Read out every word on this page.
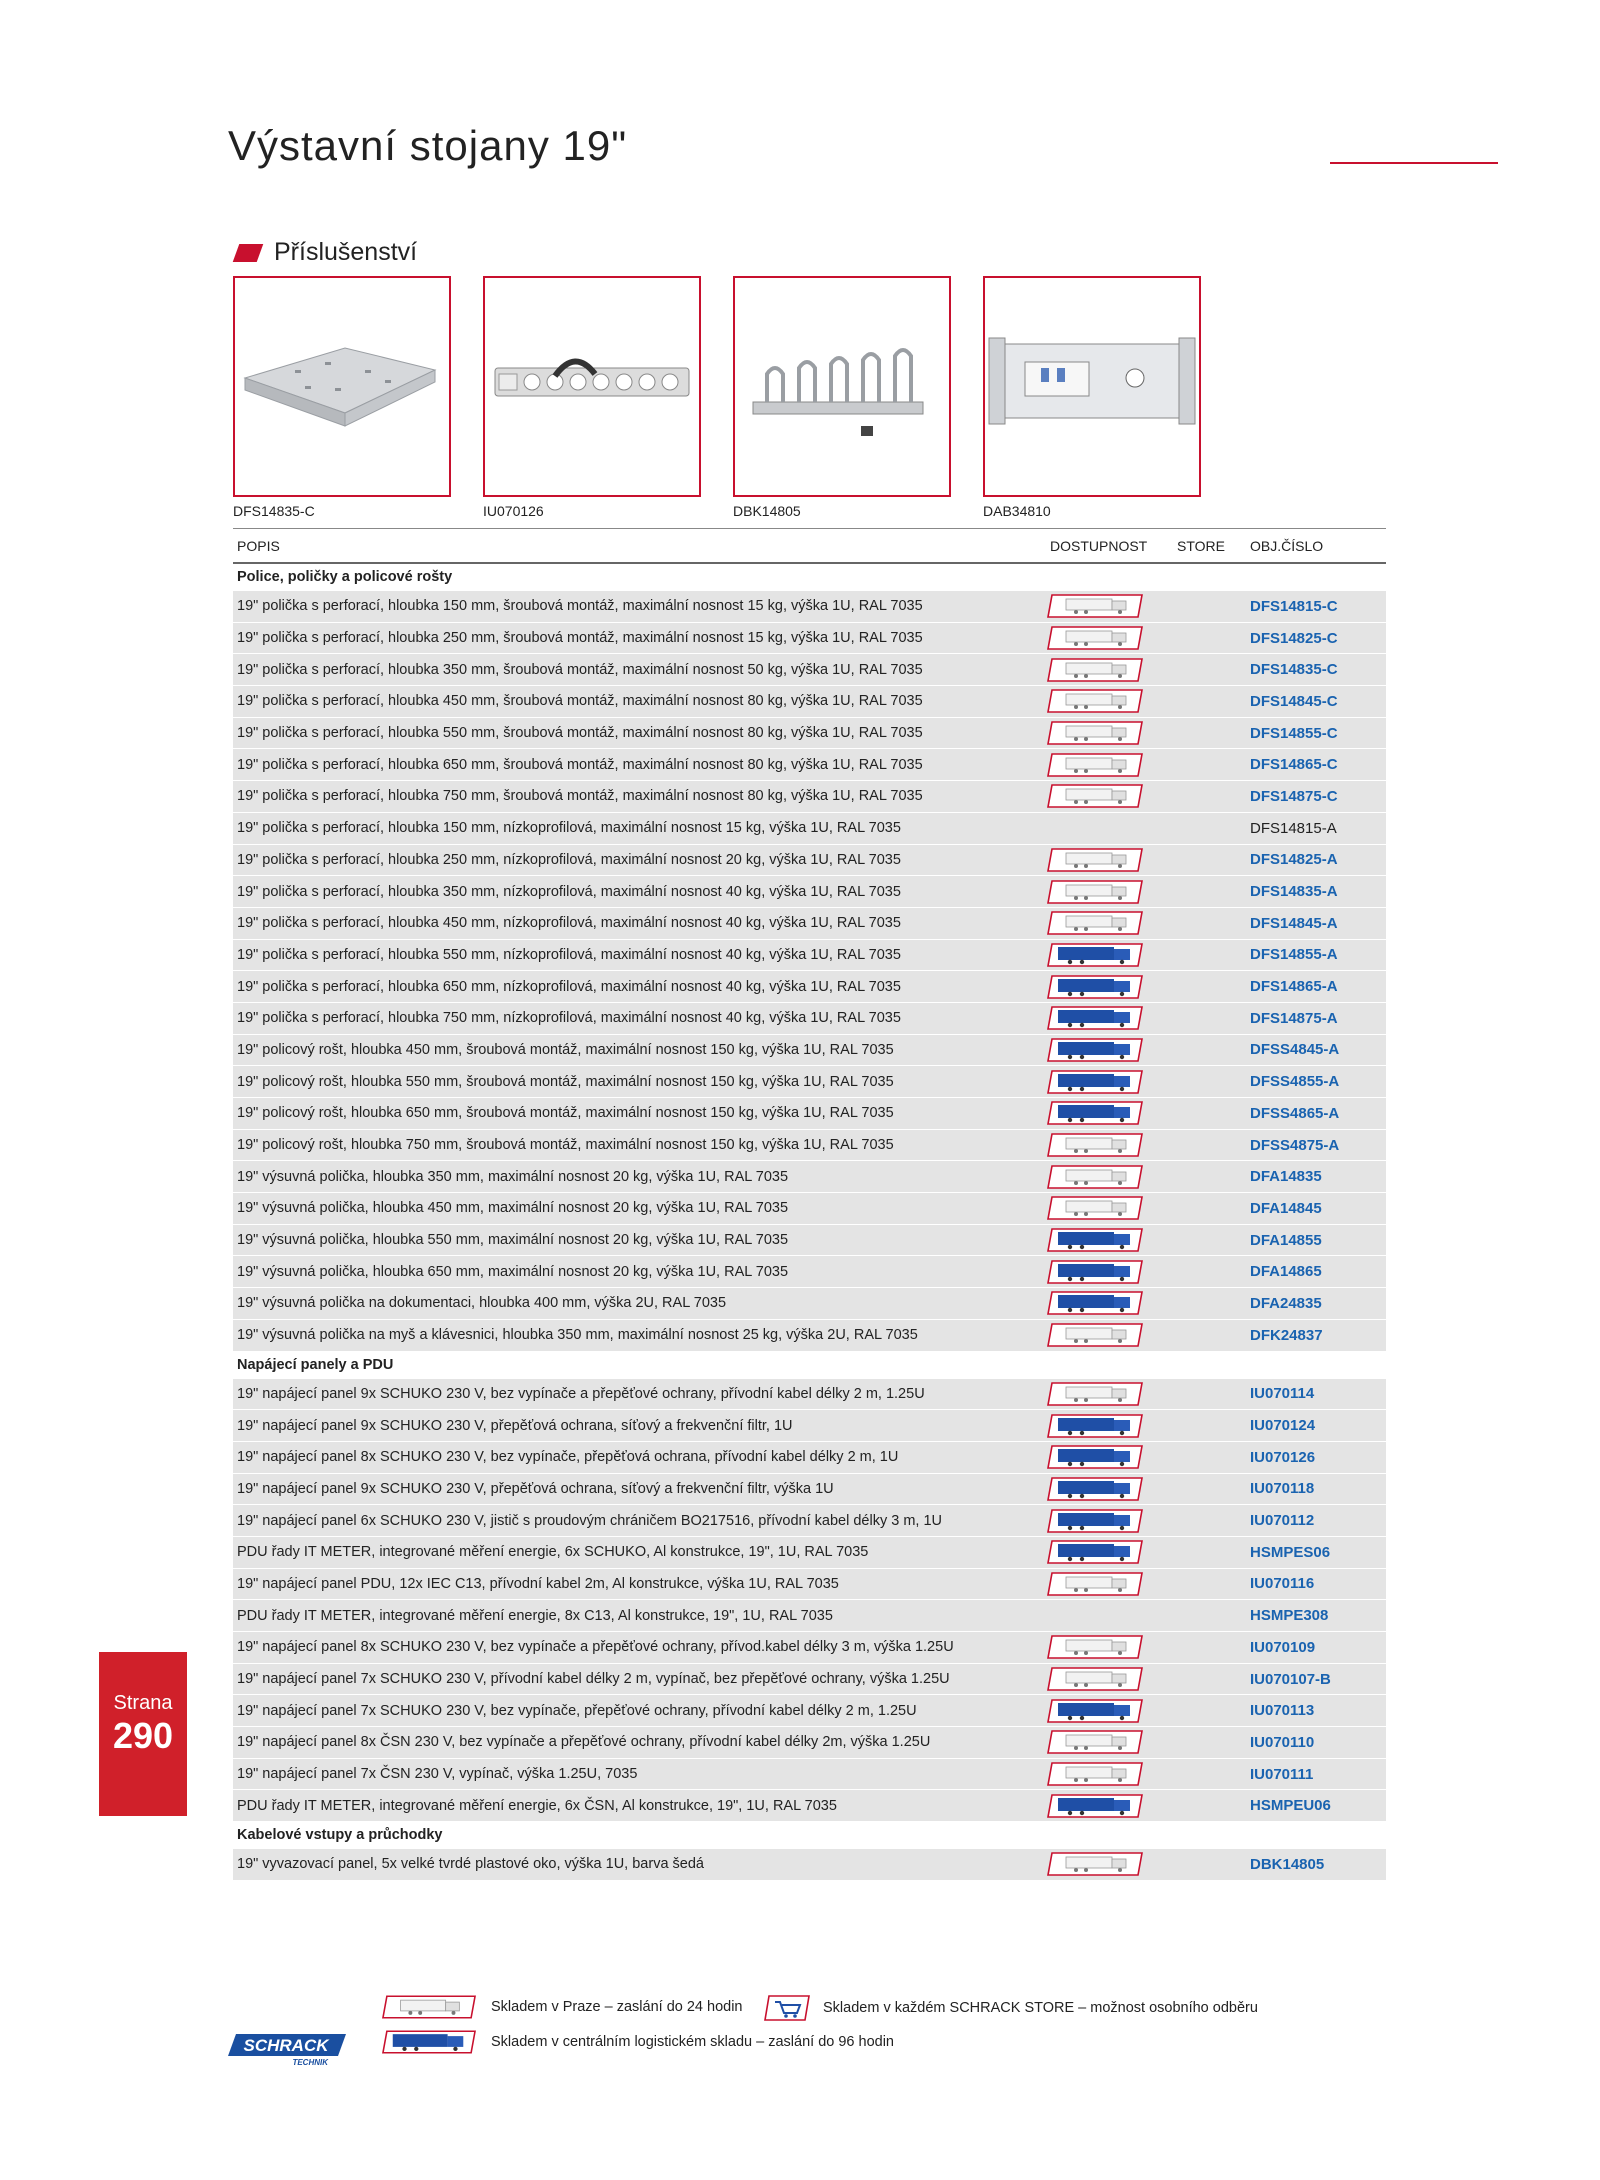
Výstavní stojany 19"
Příslušenství
DFS14835-C	IU070126	DBK14805	DAB34810
POPIS	DOSTUPNOST	STORE	OBJ.ČÍSLO
Police, poličky a policové rošty			
19" polička s perforací, hloubka 150 mm, šroubová montáž, maximální nosnost 15 kg, výška 1U, RAL 7035			DFS14815-C
19" polička s perforací, hloubka 250 mm, šroubová montáž, maximální nosnost 15 kg, výška 1U, RAL 7035			DFS14825-C
19" polička s perforací, hloubka 350 mm, šroubová montáž, maximální nosnost 50 kg, výška 1U, RAL 7035			DFS14835-C
19" polička s perforací, hloubka 450 mm, šroubová montáž, maximální nosnost 80 kg, výška 1U, RAL 7035			DFS14845-C
19" polička s perforací, hloubka 550 mm, šroubová montáž, maximální nosnost 80 kg, výška 1U, RAL 7035			DFS14855-C
19" polička s perforací, hloubka 650 mm, šroubová montáž, maximální nosnost 80 kg, výška 1U, RAL 7035			DFS14865-C
19" polička s perforací, hloubka 750 mm, šroubová montáž, maximální nosnost 80 kg, výška 1U, RAL 7035			DFS14875-C
19" polička s perforací, hloubka 150 mm, nízkoprofilová, maximální nosnost 15 kg, výška 1U, RAL 7035			DFS14815-A
19" polička s perforací, hloubka 250 mm, nízkoprofilová, maximální nosnost 20 kg, výška 1U, RAL 7035			DFS14825-A
19" polička s perforací, hloubka 350 mm, nízkoprofilová, maximální nosnost 40 kg, výška 1U, RAL 7035			DFS14835-A
19" polička s perforací, hloubka 450 mm, nízkoprofilová, maximální nosnost 40 kg, výška 1U, RAL 7035			DFS14845-A
19" polička s perforací, hloubka 550 mm, nízkoprofilová, maximální nosnost 40 kg, výška 1U, RAL 7035			DFS14855-A
19" polička s perforací, hloubka 650 mm, nízkoprofilová, maximální nosnost 40 kg, výška 1U, RAL 7035			DFS14865-A
19" polička s perforací, hloubka 750 mm, nízkoprofilová, maximální nosnost 40 kg, výška 1U, RAL 7035			DFS14875-A
19" policový rošt, hloubka 450 mm, šroubová montáž, maximální nosnost 150 kg, výška 1U, RAL 7035			DFSS4845-A
19" policový rošt, hloubka 550 mm, šroubová montáž, maximální nosnost 150 kg, výška 1U, RAL 7035			DFSS4855-A
19" policový rošt, hloubka 650 mm, šroubová montáž, maximální nosnost 150 kg, výška 1U, RAL 7035			DFSS4865-A
19" policový rošt, hloubka 750 mm, šroubová montáž, maximální nosnost 150 kg, výška 1U, RAL 7035			DFSS4875-A
19" výsuvná polička, hloubka 350 mm, maximální nosnost 20 kg, výška 1U, RAL 7035			DFA14835
19" výsuvná polička, hloubka 450 mm, maximální nosnost 20 kg, výška 1U, RAL 7035			DFA14845
19" výsuvná polička, hloubka 550 mm, maximální nosnost 20 kg, výška 1U, RAL 7035			DFA14855
19" výsuvná polička, hloubka 650 mm, maximální nosnost 20 kg, výška 1U, RAL 7035			DFA14865
19" výsuvná polička na dokumentaci, hloubka 400 mm, výška 2U, RAL 7035			DFA24835
19" výsuvná polička na myš a klávesnici, hloubka 350 mm, maximální nosnost 25 kg, výška 2U, RAL 7035			DFK24837
Napájecí panely a PDU			
19" napájecí panel 9x SCHUKO 230 V, bez vypínače a přepěťové ochrany, přívodní kabel délky 2 m, 1.25U			IU070114
19" napájecí panel 9x SCHUKO 230 V, přepěťová ochrana, síťový a frekvenční filtr, 1U			IU070124
19" napájecí panel 8x SCHUKO 230 V, bez vypínače, přepěťová ochrana, přívodní kabel délky 2 m, 1U			IU070126
19" napájecí panel 9x SCHUKO 230 V, přepěťová ochrana, síťový a frekvenční filtr, výška 1U			IU070118
19" napájecí panel 6x SCHUKO 230 V, jistič s proudovým chráničem BO217516, přívodní kabel délky 3 m, 1U			IU070112
PDU řady IT METER, integrované měření energie, 6x SCHUKO, Al konstrukce, 19", 1U, RAL 7035			HSMPES06
19" napájecí panel PDU, 12x IEC C13, přívodní kabel 2m, Al konstrukce, výška 1U, RAL 7035			IU070116
PDU řady IT METER, integrované měření energie, 8x C13, Al konstrukce, 19", 1U, RAL 7035			HSMPE308
19" napájecí panel 8x SCHUKO 230 V, bez vypínače a přepěťové ochrany, přívod.kabel délky 3 m, výška 1.25U			IU070109
19" napájecí panel 7x SCHUKO 230 V, přívodní kabel délky 2 m, vypínač, bez přepěťové ochrany, výška 1.25U			IU070107-B
19" napájecí panel 7x SCHUKO 230 V, bez vypínače, přepěťové ochrany, přívodní kabel délky 2 m, 1.25U			IU070113
19" napájecí panel 8x ČSN 230 V, bez vypínače a přepěťové ochrany, přívodní kabel délky 2m, výška 1.25U			IU070110
19" napájecí panel 7x ČSN 230 V, vypínač, výška 1.25U, 7035			IU070111
PDU řady IT METER, integrované měření energie, 6x ČSN, Al konstrukce, 19", 1U, RAL 7035			HSMPEU06
Kabelové vstupy a průchodky			
19" vyvazovací panel, 5x velké tvrdé plastové oko, výška 1U, barva šedá			DBK14805
Strana
290
Skladem v Praze – zaslání do 24 hodin
Skladem v centrálním logistickém skladu – zaslání do 96 hodin
Skladem v každém SCHRACK STORE – možnost osobního odběru
SCHRACK
TECHNIK
